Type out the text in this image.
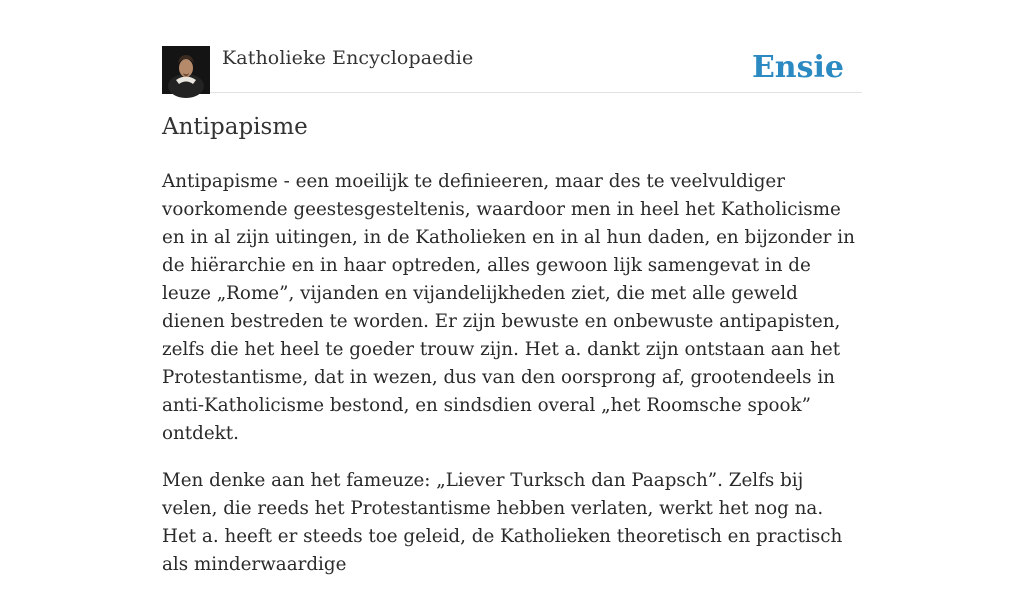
Katholieke Encyclopaedie	Ensie
Antipapisme

Antipapisme - een moeilijk te definieeren, maar des te veelvuldiger voorkomende geestesgesteltenis, waardoor men in heel het Katholicisme en in al zijn uitingen, in de Katholieken en in al hun daden, en bijzonder in de hiërarchie en in haar optreden, alles gewoon lijk samengevat in de leuze „Rome”, vijanden en vijandelijkheden ziet, die met alle geweld dienen bestreden te worden. Er zijn bewuste en onbewuste antipapisten, zelfs die het heel te goeder trouw zijn. Het a. dankt zijn ontstaan aan het Protestantisme, dat in wezen, dus van den oorsprong af, grootendeels in anti-Katholicisme bestond, en sindsdien overal „het Roomsche spook” ontdekt.

Men denke aan het fameuze: „Liever Turksch dan Paapsch”. Zelfs bij velen, die reeds het Protestantisme hebben verlaten, werkt het nog na. Het a. heeft er steeds toe geleid, de Katholieken theoretisch en practisch als minderwaardige
